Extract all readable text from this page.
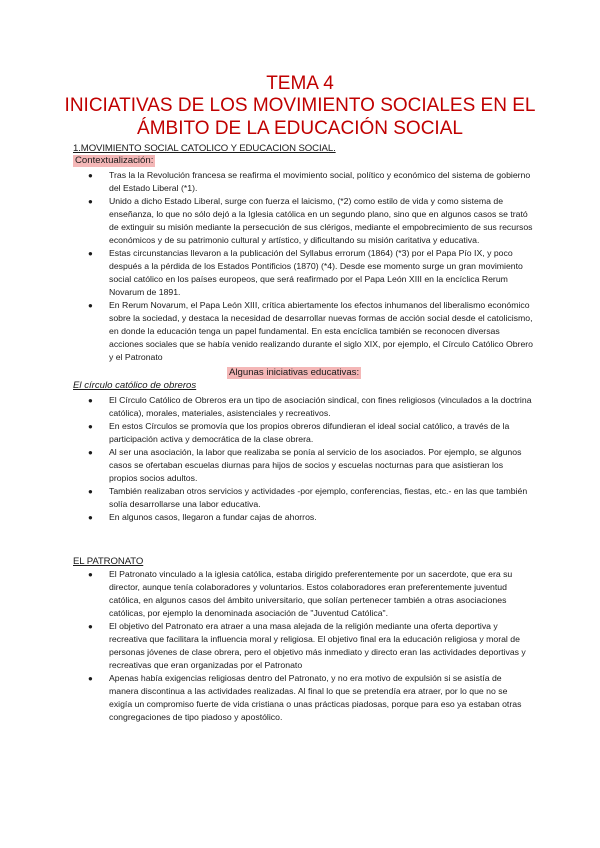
TEMA 4
INICIATIVAS DE LOS MOVIMIENTO SOCIALES EN EL
ÁMBITO DE LA EDUCACIÓN SOCIAL
1.MOVIMIENTO SOCIAL CATOLICO Y EDUCACION SOCIAL.
Contextualización:
● Tras la la Revolución francesa se reafirma el movimiento social, político y económico del sistema de gobierno del Estado Liberal (*1).
● Unido a dicho Estado Liberal, surge con fuerza el laicismo, (*2) como estilo de vida y como sistema de enseñanza, lo que no sólo dejó a la Iglesia católica en un segundo plano, sino que en algunos casos se trató de extinguir su misión mediante la persecución de sus clérigos, mediante el empobrecimiento de sus recursos económicos y de su patrimonio cultural y artístico, y dificultando su misión caritativa y educativa.
● Estas circunstancias llevaron a la publicación del Syllabus errorum (1864) (*3) por el Papa Pío IX, y poco después a la pérdida de los Estados Pontificios (1870) (*4). Desde ese momento surge un gran movimiento social católico en los países europeos, que será reafirmado por el Papa León XIII en la encíclica Rerum Novarum de 1891.
● En Rerum Novarum, el Papa León XIII, crítica abiertamente los efectos inhumanos del liberalismo económico sobre la sociedad, y destaca la necesidad de desarrollar nuevas formas de acción social desde el catolicismo, en donde la educación tenga un papel fundamental. En esta encíclica también se reconocen diversas acciones sociales que se había venido realizando durante el siglo XIX, por ejemplo, el Círculo Católico Obrero y el Patronato
Algunas iniciativas educativas:
El círculo católico de obreros
● El Círculo Católico de Obreros era un tipo de asociación sindical, con fines religiosos (vinculados a la doctrina católica), morales, materiales, asistenciales y recreativos.
● En estos Círculos se promovía que los propios obreros difundieran el ideal social católico, a través de la participación activa y democrática de la clase obrera.
● Al ser una asociación, la labor que realizaba se ponía al servicio de los asociados. Por ejemplo, se algunos casos se ofertaban escuelas diurnas para hijos de socios y escuelas nocturnas para que asistieran los propios socios adultos.
● También realizaban otros servicios y actividades -por ejemplo, conferencias, fiestas, etc.- en las que también solía desarrollarse una labor educativa.
● En algunos casos, llegaron a fundar cajas de ahorros.
EL PATRONATO
● El Patronato vinculado a la iglesia católica, estaba dirigido preferentemente por un sacerdote, que era su director, aunque tenía colaboradores y voluntarios. Estos colaboradores eran preferentemente juventud católica, en algunos casos del ámbito universitario, que solían pertenecer también a otras asociaciones católicas, por ejemplo la denominada asociación de "Juventud Católica".
● El objetivo del Patronato era atraer a una masa alejada de la religión mediante una oferta deportiva y recreativa que facilitara la influencia moral y religiosa. El objetivo final era la educación religiosa y moral de personas jóvenes de clase obrera, pero el objetivo más inmediato y directo eran las actividades deportivas y recreativas que eran organizadas por el Patronato
● Apenas había exigencias religiosas dentro del Patronato, y no era motivo de expulsión si se asistía de manera discontinua a las actividades realizadas. Al final lo que se pretendía era atraer, por lo que no se exigía un compromiso fuerte de vida cristiana o unas prácticas piadosas, porque para eso ya estaban otras congregaciones de tipo piadoso y apostólico.
